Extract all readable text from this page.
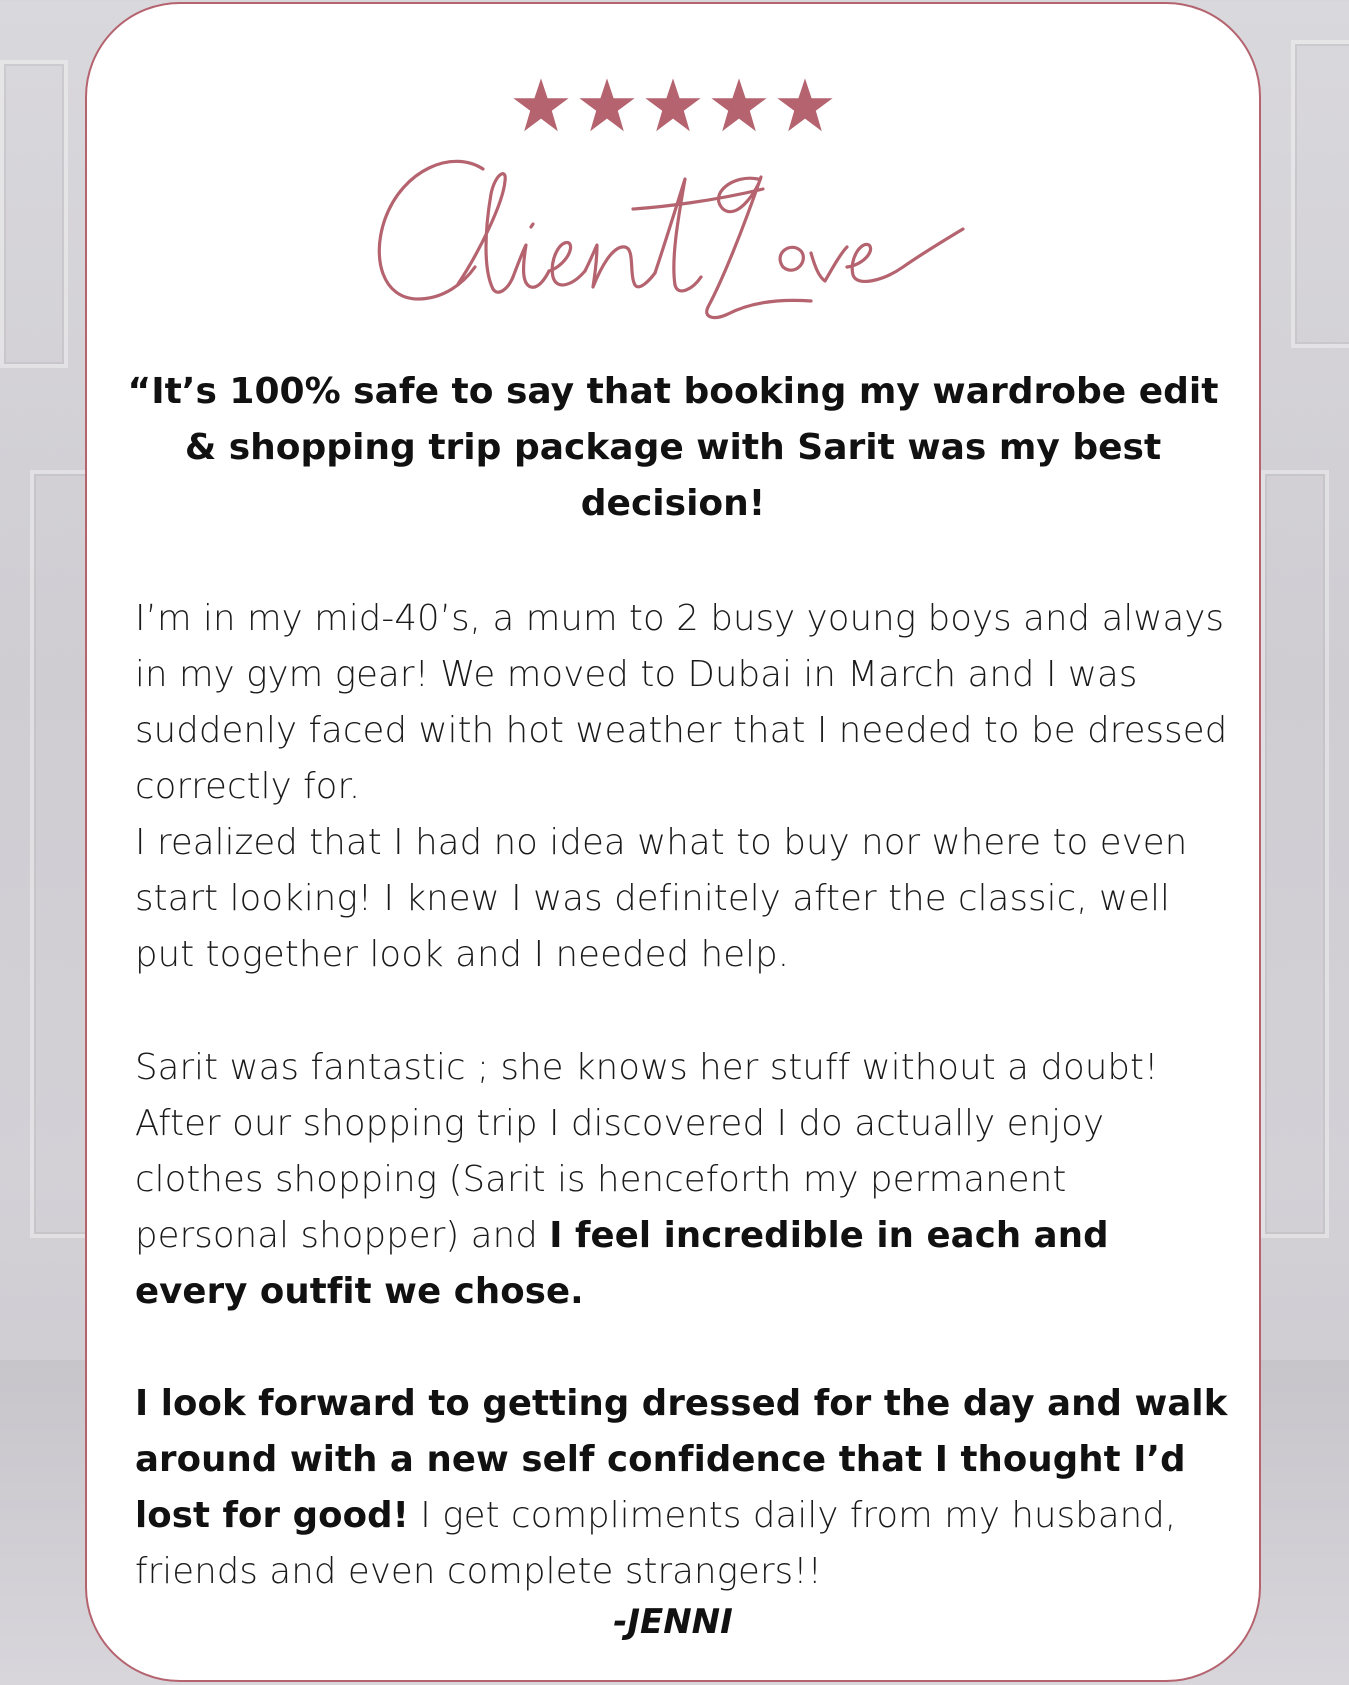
“It’s 100% safe to say that booking my wardrobe edit & shopping trip package with Sarit was my best decision!

I’m in my mid-40’s, a mum to 2 busy young boys and always in my gym gear! We moved to Dubai in March and I was suddenly faced with hot weather that I needed to be dressed correctly for.
I realized that I had no idea what to buy nor where to even start looking! I knew I was definitely after the classic, well put together look and I needed help.

Sarit was fantastic ; she knows her stuff without a doubt! After our shopping trip I discovered I do actually enjoy clothes shopping (Sarit is henceforth my permanent personal shopper) and I feel incredible in each and every outfit we chose.

I look forward to getting dressed for the day and walk around with a new self confidence that I thought I’d lost for good! I get compliments daily from my husband, friends and even complete strangers!!

-JENNI
